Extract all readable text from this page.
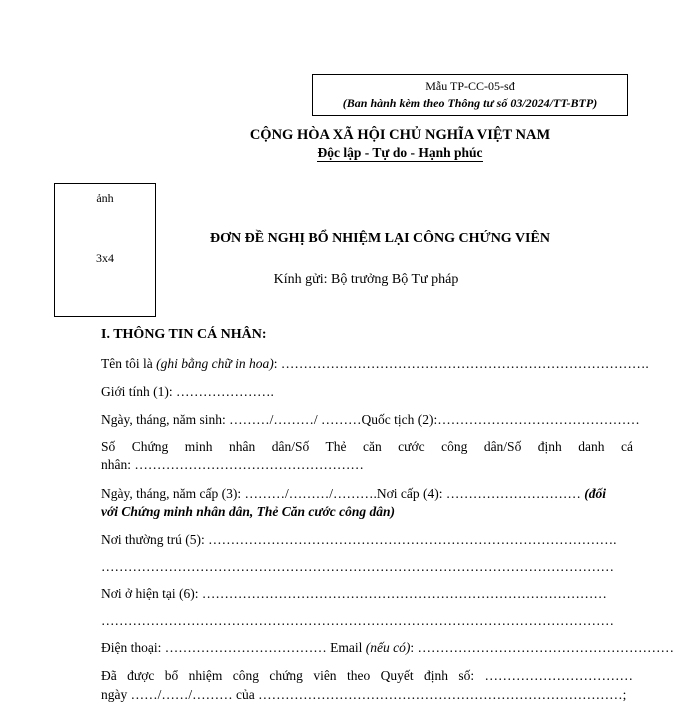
Mẫu TP-CC-05-sđ
(Ban hành kèm theo Thông tư số 03/2024/TT-BTP)
CỘNG HÒA XÃ HỘI CHỦ NGHĨA VIỆT NAM
Độc lập - Tự do - Hạnh phúc
ảnh
3x4
ĐƠN ĐỀ NGHỊ BỔ NHIỆM LẠI CÔNG CHỨNG VIÊN
Kính gửi: Bộ trưởng Bộ Tư pháp
I. THÔNG TIN CÁ NHÂN:
Tên tôi là (ghi bằng chữ in hoa): ……………………………………………………………………….
Giới tính (1): ………………….
Ngày, tháng, năm sinh: ………/………/ ………Quốc tịch (2):………………………………………
Số Chứng minh nhân dân/Số Thẻ căn cước công dân/Số định danh cá
nhân: ……………………………………………
Ngày, tháng, năm cấp (3): ………/………/……….Nơi cấp (4): ………………………… (đối
với Chứng minh nhân dân, Thẻ Căn cước công dân)
Nơi thường trú (5): ……………………………………………………………………………….
……………………………………………………………………………………………………
Nơi ở hiện tại (6): ………………………………………………………………………………
……………………………………………………………………………………………………
Điện thoại: ……………………………… Email (nếu có): …………………………………………………
Đã được bổ nhiệm công chứng viên theo Quyết định số: ……………………………
ngày ……/……/……… của ………………………………………………………………………;
